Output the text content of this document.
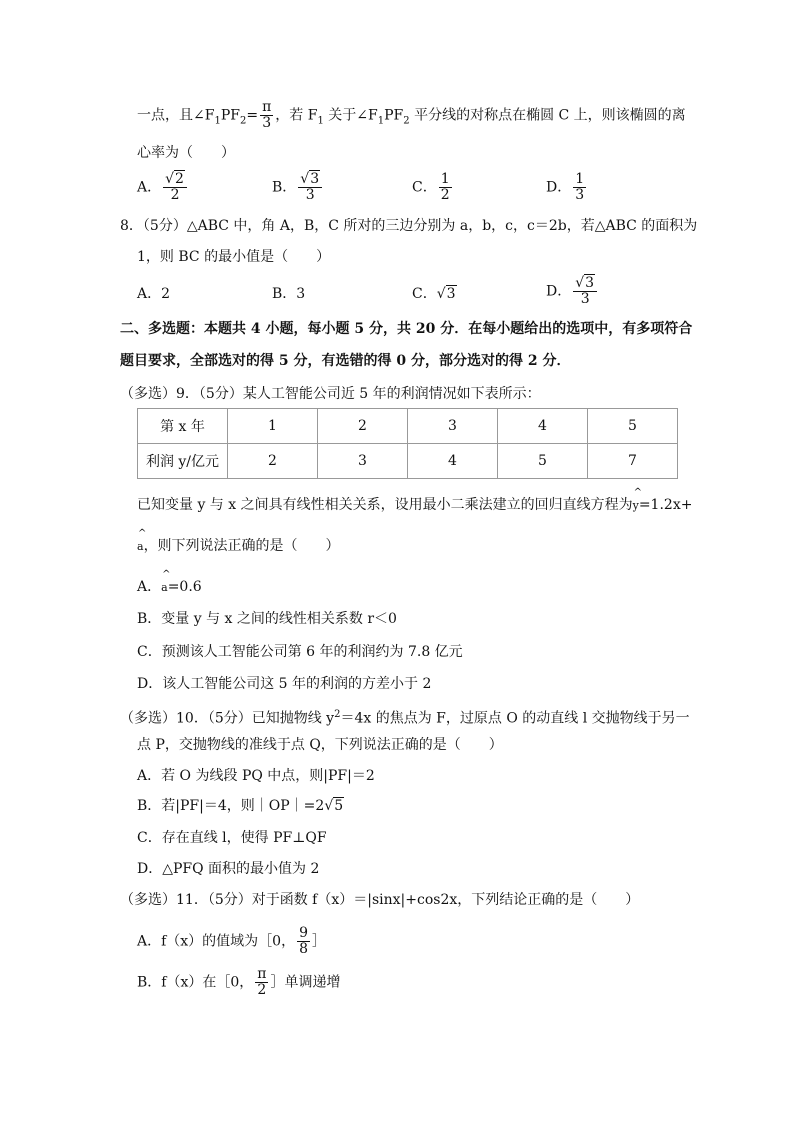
一点，且$\angle F_1PF_2= \frac{\pi}{3}$ ，若 $F_1$ 关于$\angle F_1PF_2$ 平分线的对称点在椭圆 C 上，则该椭圆的离
心率为（　　）
A． $\frac{√2}{2}$	B． $\frac{√3}{3}$	C． $\frac{1}{2}$	D． $\frac{1}{3}$
8．（5分）△ABC 中，角 A，B，C 所对的三边分别为 a，b，c，c＝2b，若△ABC 的面积为
1，则 BC 的最小值是（　　）
A．2	B．3	C．√3	D． $\frac{√3}{3}$
二、多选题：本题共 4 小题，每小题 5 分，共 20 分．在每小题给出的选项中，有多项符合
题目要求，全部选对的得 5 分，有选错的得 0 分，部分选对的得 2 分．
（多选）9．（5分）某人工智能公司近 5 年的利润情况如下表所示：
第 x 年	1	2	3	4	5
利润 y/亿元	2	3	4	5	7
已知变量 y 与 x 之间具有线性相关关系，设用最小二乘法建立的回归直线方程为
^
y=1.2x+
^
a，则下列说法正确的是（　　）
A．
^
a=0.6
B．变量 y 与 x 之间的线性相关系数 r＜0
C．预测该人工智能公司第 6 年的利润约为 7.8 亿元
D．该人工智能公司这 5 年的利润的方差小于 2
（多选）10．（5分）已知抛物线 $y^2=4x$ 的焦点为 F，过原点 O 的动直线 l 交抛物线于另一
点 P，交抛物线的准线于点 Q，下列说法正确的是（　　）
A．若 O 为线段 PQ 中点，则|PF|＝2
B．若|PF|＝4，则｜OP｜=2√5
C．存在直线 l，使得 PF⊥QF
D．△PFQ 面积的最小值为 2
（多选）11．（5分）对于函数 f（x）＝|sinx|+cos2x，下列结论正确的是（　　）
A．f（x）的值域为［0， $\frac{9}{8}$ ］
B．f（x）在［0， $\frac{\pi}{2}$ ］单调递增
